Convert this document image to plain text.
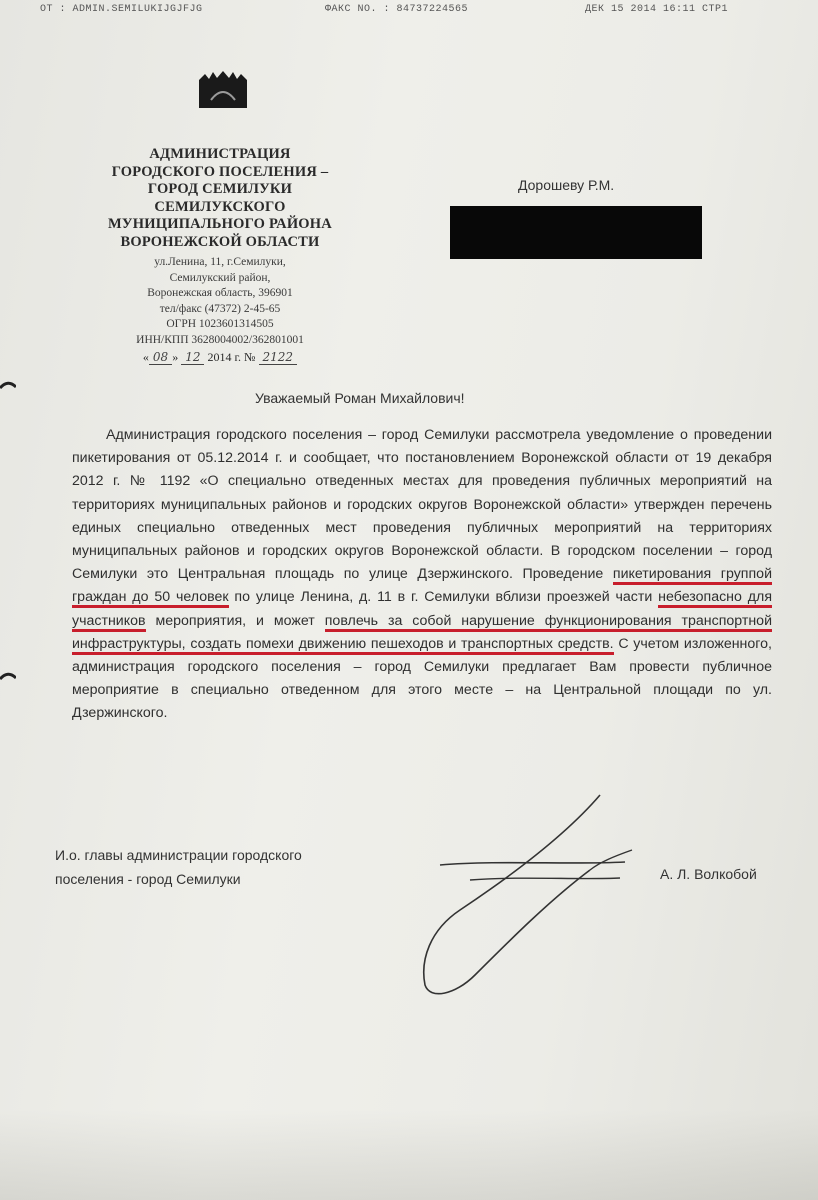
ОТ : ADMIN.SEMILUKIJGJFJG	ФАКС NO. : 84737224565	ДЕК 15 2014 16:11 СТР1
АДМИНИСТРАЦИЯ
ГОРОДСКОГО ПОСЕЛЕНИЯ –
ГОРОД СЕМИЛУКИ
СЕМИЛУКСКОГО
МУНИЦИПАЛЬНОГО РАЙОНА
ВОРОНЕЖСКОЙ ОБЛАСТИ
ул.Ленина, 11, г.Семилуки,
Семилукский район,
Воронежская область, 396901
тел/факс (47372) 2-45-65
ОГРН 1023601314505
ИНН/КПП 3628004002/362801001
« 08 » 12 2014 г. № 2122
Дорошеву Р.М.
Уважаемый Роман Михайлович!

Администрация городского поселения – город Семилуки рассмотрела уведомление о проведении пикетирования от 05.12.2014 г. и сообщает, что постановлением Воронежской области от 19 декабря 2012 г. № 1192 «О специально отведенных местах для проведения публичных мероприятий на территориях муниципальных районов и городских округов Воронежской области» утвержден перечень единых специально отведенных мест проведения публичных мероприятий на территориях муниципальных районов и городских округов Воронежской области. В городском поселении – город Семилуки это Центральная площадь по улице Дзержинского. Проведение пикетирования группой граждан до 50 человек по улице Ленина, д. 11 в г. Семилуки вблизи проезжей части небезопасно для участников мероприятия, и может повлечь за собой нарушение функционирования транспортной инфраструктуры, создать помехи движению пешеходов и транспортных средств. С учетом изложенного, администрация городского поселения – город Семилуки предлагает Вам провести публичное мероприятие в специально отведенном для этого месте – на Центральной площади по ул. Дзержинского.

И.о. главы администрации городского
поселения - город Семилуки	А. Л. Волкобой
